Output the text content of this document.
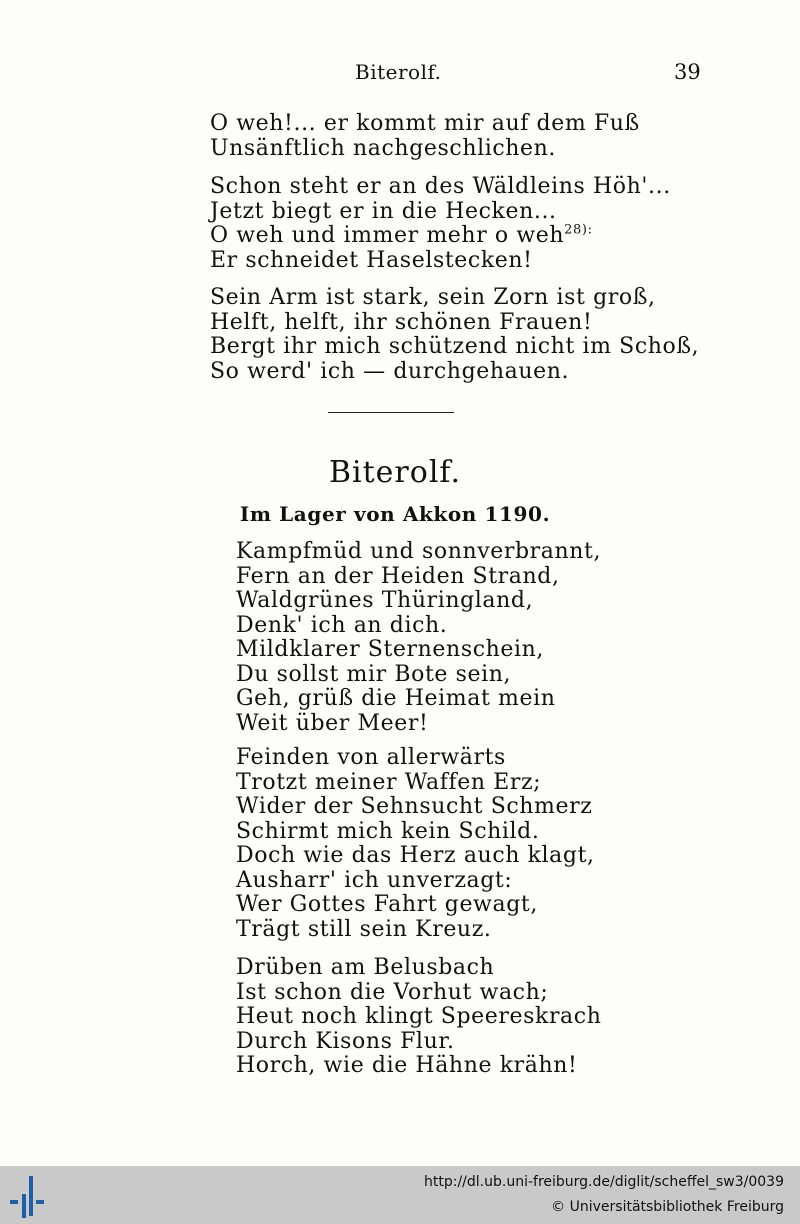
Biterolf.	39
O weh!... er kommt mir auf dem Fuß
Unsänftlich nachgeschlichen.
Schon steht er an des Wäldleins Höh'...
Jetzt biegt er in die Hecken...
O weh und immer mehr o weh$^{28):}$
Er schneidet Haselstecken!
Sein Arm ist stark, sein Zorn ist groß,
Helft, helft, ihr schönen Frauen!
Bergt ihr mich schützend nicht im Schoß,
So werd' ich — durchgehauen.
Biterolf.
Im Lager von Akkon 1190.
Kampfmüd und sonnverbrannt,
Fern an der Heiden Strand,
Waldgrünes Thüringland,
Denk' ich an dich.
Mildklarer Sternenschein,
Du sollst mir Bote sein,
Geh, grüß die Heimat mein
Weit über Meer!
Feinden von allerwärts
Trotzt meiner Waffen Erz;
Wider der Sehnsucht Schmerz
Schirmt mich kein Schild.
Doch wie das Herz auch klagt,
Ausharr' ich unverzagt:
Wer Gottes Fahrt gewagt,
Trägt still sein Kreuz.
Drüben am Belusbach
Ist schon die Vorhut wach;
Heut noch klingt Speereskrach
Durch Kisons Flur.
Horch, wie die Hähne krähn!
http://dl.ub.uni-freiburg.de/diglit/scheffel_sw3/0039
© Universitätsbibliothek Freiburg
